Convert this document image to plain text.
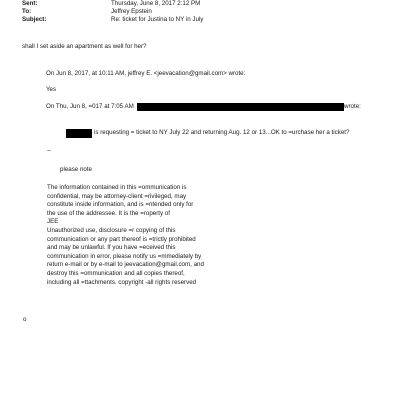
Sent:	Thursday, June 8, 2017 2:12 PM
To:	Jeffrey Epstein
Subject:	Re: ticket for Justina to NY in July
shall I set aside an apartment as well for her?
On Jun 8, 2017, at 10:11 AM, jeffrey E. <jeevacation@gmail.com> wrote:
Yes
On Thu, Jun 8, =017 at 7:05 AM	wrote:
is requesting = ticket to NY July 22 and returning Aug. 12 or 13...OK to =urchase her a ticket?
--
please note
The information contained in this =ommunication is
confidential, may be attorney-client =rivileged, may
constitute inside information, and is =ntended only for
the use of the addressee. It is the =roperty of
JEE
Unauthorized use, disclosure =r copying of this
communication or any part thereof is =trictly prohibited
and may be unlawful. If you have =eceived this
communication in error, please notify us =mmediately by
return e-mail or by e-mail to jeevacation@gmail.com, and
destroy this =ommunication and all copies thereof,
including all =ttachments. copyright -all rights reserved
o
